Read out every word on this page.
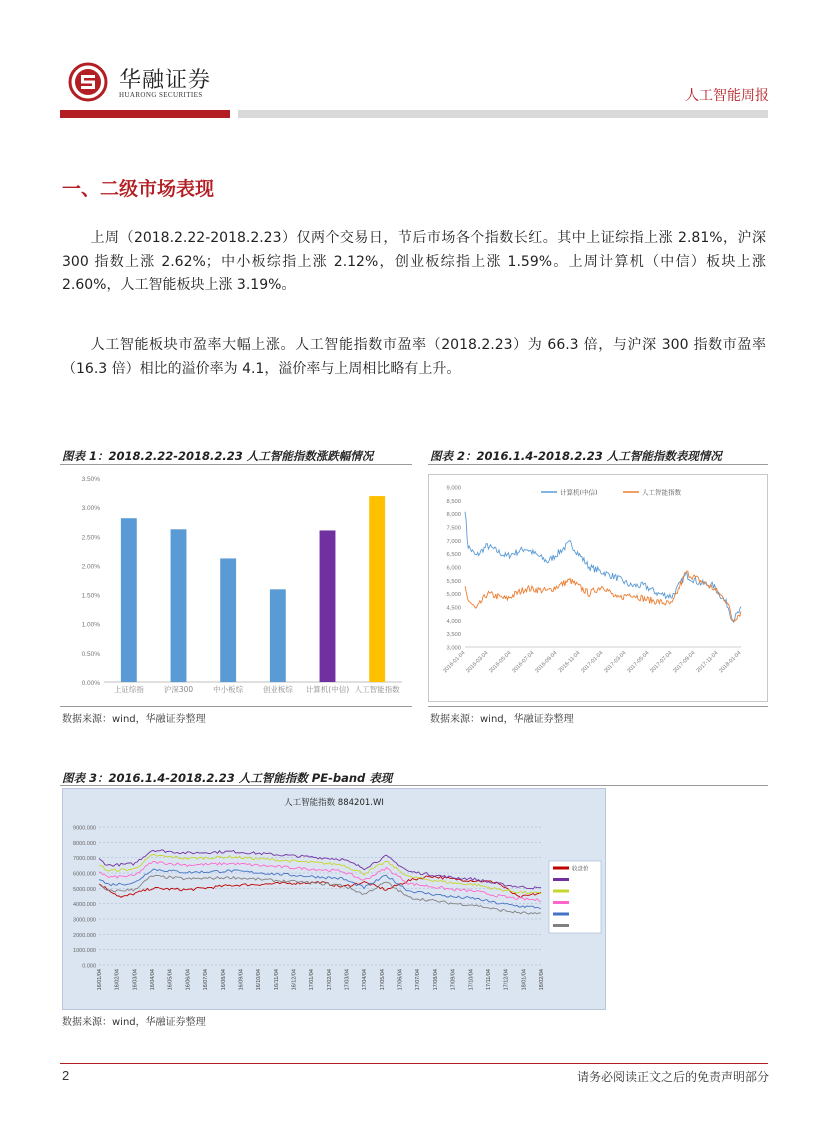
华融证券
HUARONG SECURITIES	人工智能周报
一、二级市场表现
上周（2018.2.22-2018.2.23）仅两个交易日，节后市场各个指数长红。其中上证综指上涨 2.81%，沪深 300 指数上涨 2.62%；中小板综指上涨 2.12%，创业板综指上涨 1.59%。上周计算机（中信）板块上涨 2.60%，人工智能板块上涨 3.19%。
人工智能板块市盈率大幅上涨。人工智能指数市盈率（2018.2.23）为 66.3 倍，与沪深 300 指数市盈率（16.3 倍）相比的溢价率为 4.1，溢价率与上周相比略有上升。
图表 1：2018.2.22-2018.2.23 人工智能指数涨跌幅情况
3.50%
3.00%
2.50%
2.00%
1.50%
1.00%
0.50%
0.00%
上证综指	沪深300	中小板综	创业板综 计算机(中信) 人工智能指数
数据来源：wind，华融证券整理
图表 2：2016.1.4-2018.2.23 人工智能指数表现情况
9,000
8,500
8,000
7,500
7,000
6,500
6,000
5,500
5,000
4,500
4,000
3,500
3,000
2016-01-04
2016-03-04
2016-05-04
2016-07-04
2016-09-04 2016-11-04
2017-01-04
2017-03-04
2017-05-04
2017-07-04
2017-09-04 2017-11-04
2018-01-04
计算机(中信)	人工智能指数
数据来源：wind，华融证券整理
图表 3：2016.1.4-2018.2.23 人工智能指数 PE-band 表现
人工智能指数 884201.WI
9000.000
8000.000
7000.000
6000.000
5000.000
4000.000
3000.000
2000.000
1000.000
0.000
16/01/04 16/02/04 16/03/04 16/04/04 16/05/04 16/06/04 16/07/04 16/08/04 16/09/04 16/10/04 16/11/04 16/12/04 17/01/04 17/02/04 17/03/04 17/04/04 17/05/04 17/06/04 17/07/04 17/08/04 17/09/04 17/10/04 17/11/04 17/12/04 18/01/04 18/02/04
收盘价
数据来源：wind，华融证券整理
2	请务必阅读正文之后的免责声明部分
